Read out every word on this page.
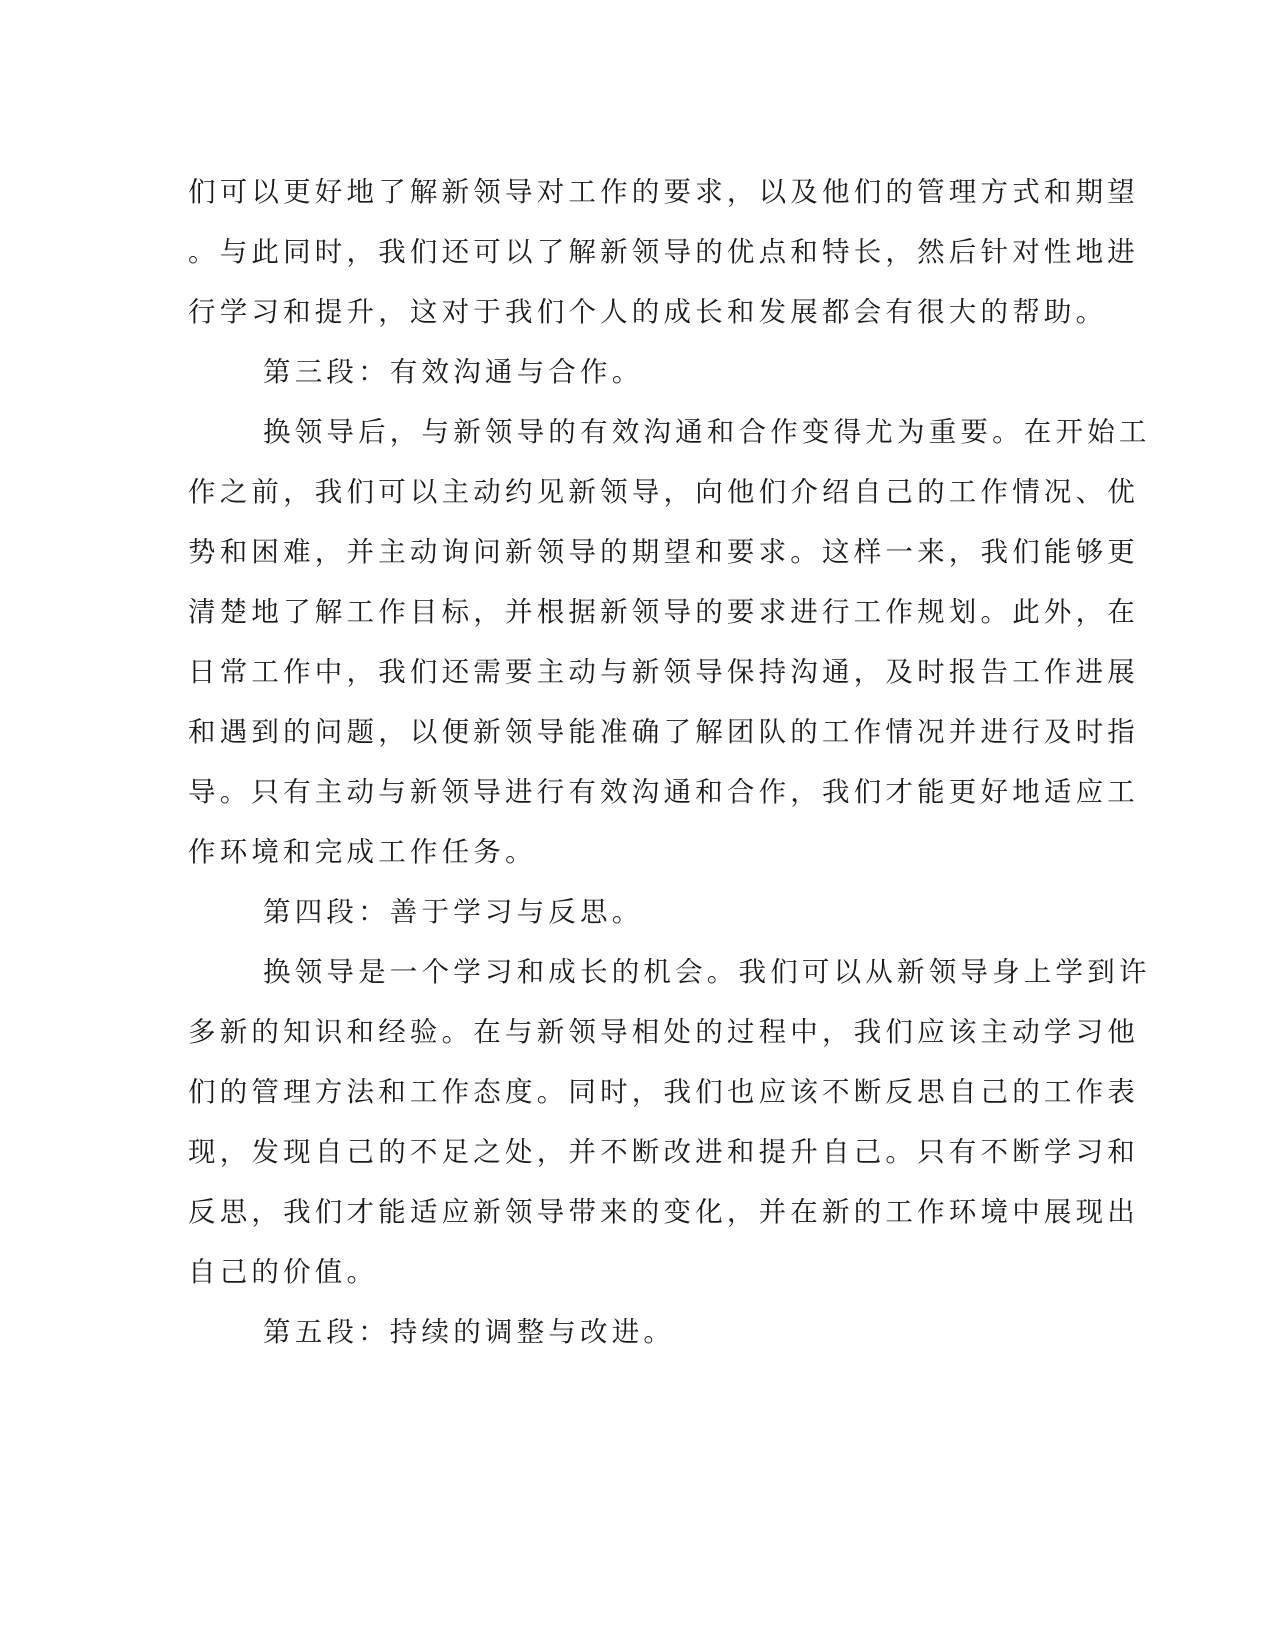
们可以更好地了解新领导对工作的要求，以及他们的管理方式和期望
。与此同时，我们还可以了解新领导的优点和特长，然后针对性地进
行学习和提升，这对于我们个人的成长和发展都会有很大的帮助。
第三段：有效沟通与合作。
换领导后，与新领导的有效沟通和合作变得尤为重要。在开始工
作之前，我们可以主动约见新领导，向他们介绍自己的工作情况、优
势和困难，并主动询问新领导的期望和要求。这样一来，我们能够更
清楚地了解工作目标，并根据新领导的要求进行工作规划。此外，在
日常工作中，我们还需要主动与新领导保持沟通，及时报告工作进展
和遇到的问题，以便新领导能准确了解团队的工作情况并进行及时指
导。只有主动与新领导进行有效沟通和合作，我们才能更好地适应工
作环境和完成工作任务。
第四段：善于学习与反思。
换领导是一个学习和成长的机会。我们可以从新领导身上学到许
多新的知识和经验。在与新领导相处的过程中，我们应该主动学习他
们的管理方法和工作态度。同时，我们也应该不断反思自己的工作表
现，发现自己的不足之处，并不断改进和提升自己。只有不断学习和
反思，我们才能适应新领导带来的变化，并在新的工作环境中展现出
自己的价值。
第五段：持续的调整与改进。
